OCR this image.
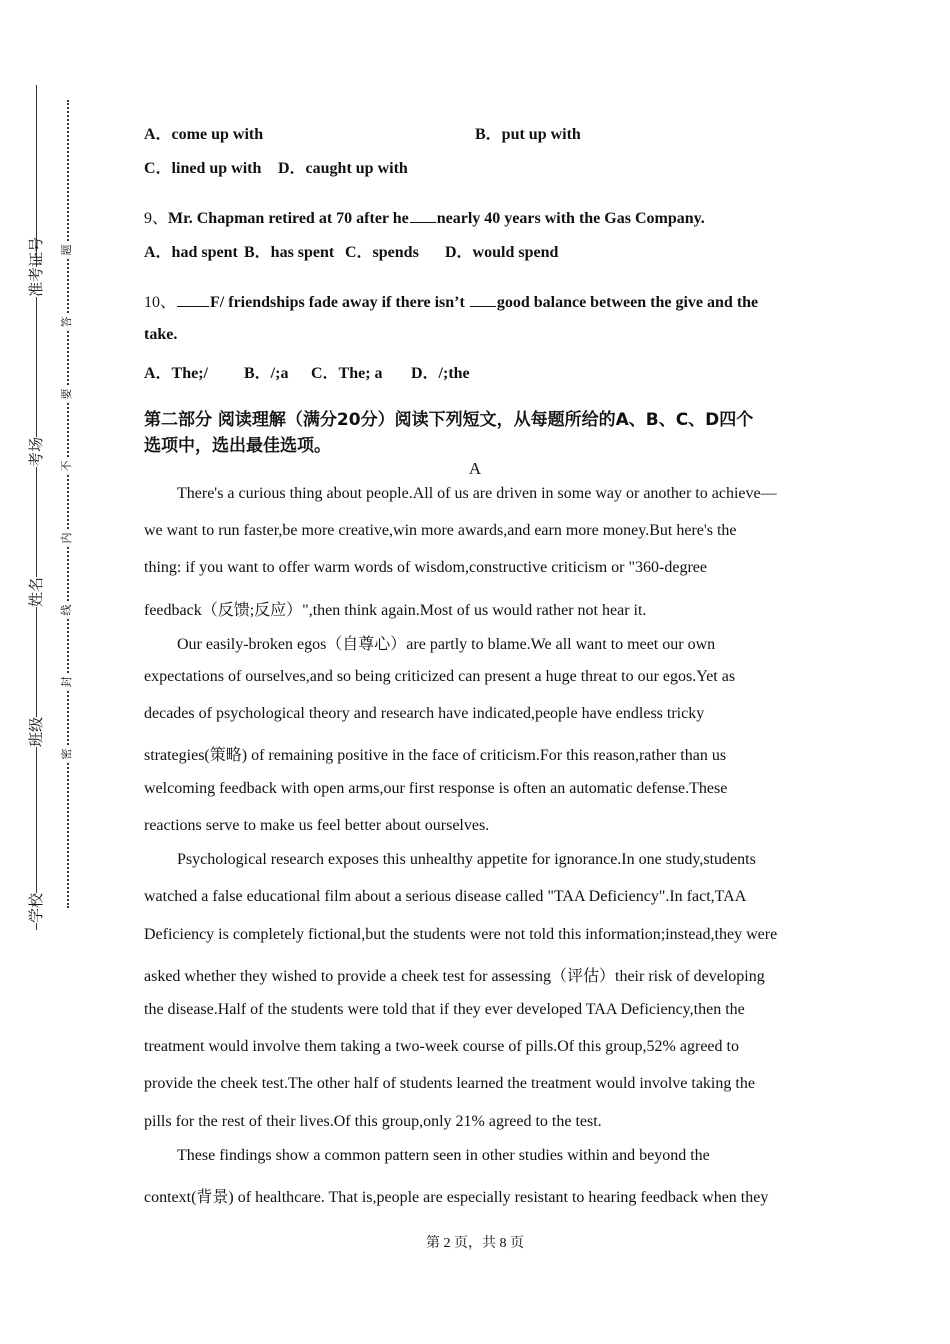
准考证号
考场
姓名
班级
学校
题
答
要
不
内
线
封
密
A．come up with	B．put up with
C．lined up with D．caught up with
9、Mr. Chapman retired at 70 after he nearly 40 years with the Gas Company.
A．had spent B．has spent C．spends D．would spend
10、 F/ friendships fade away if there isn’t good balance between the give and the
take.
A．The;/ B．/;a C．The; a D．/;the
第二部分 阅读理解（满分20分）阅读下列短文，从每题所给的A、B、C、D四个
选项中，选出最佳选项。
A
There's a curious thing about people.All of us are driven in some way or another to achieve—
we want to run faster,be more creative,win more awards,and earn more money.But here's the
thing: if you want to offer warm words of wisdom,constructive criticism or "360-degree
feedback（反馈;反应）",then think again.Most of us would rather not hear it.
Our easily-broken egos（自尊心）are partly to blame.We all want to meet our own
expectations of ourselves,and so being criticized can present a huge threat to our egos.Yet as
decades of psychological theory and research have indicated,people have endless tricky
strategies(策略) of remaining positive in the face of criticism.For this reason,rather than us
welcoming feedback with open arms,our first response is often an automatic defense.These
reactions serve to make us feel better about ourselves.
Psychological research exposes this unhealthy appetite for ignorance.In one study,students
watched a false educational film about a serious disease called "TAA Deficiency".In fact,TAA
Deficiency is completely fictional,but the students were not told this information;instead,they were
asked whether they wished to provide a cheek test for assessing（评估）their risk of developing
the disease.Half of the students were told that if they ever developed TAA Deficiency,then the
treatment would involve them taking a two-week course of pills.Of this group,52% agreed to
provide the cheek test.The other half of students learned the treatment would involve taking the
pills for the rest of their lives.Of this group,only 21% agreed to the test.
These findings show a common pattern seen in other studies within and beyond the
context(背景) of healthcare. That is,people are especially resistant to hearing feedback when they
第 2 页，共 8 页
